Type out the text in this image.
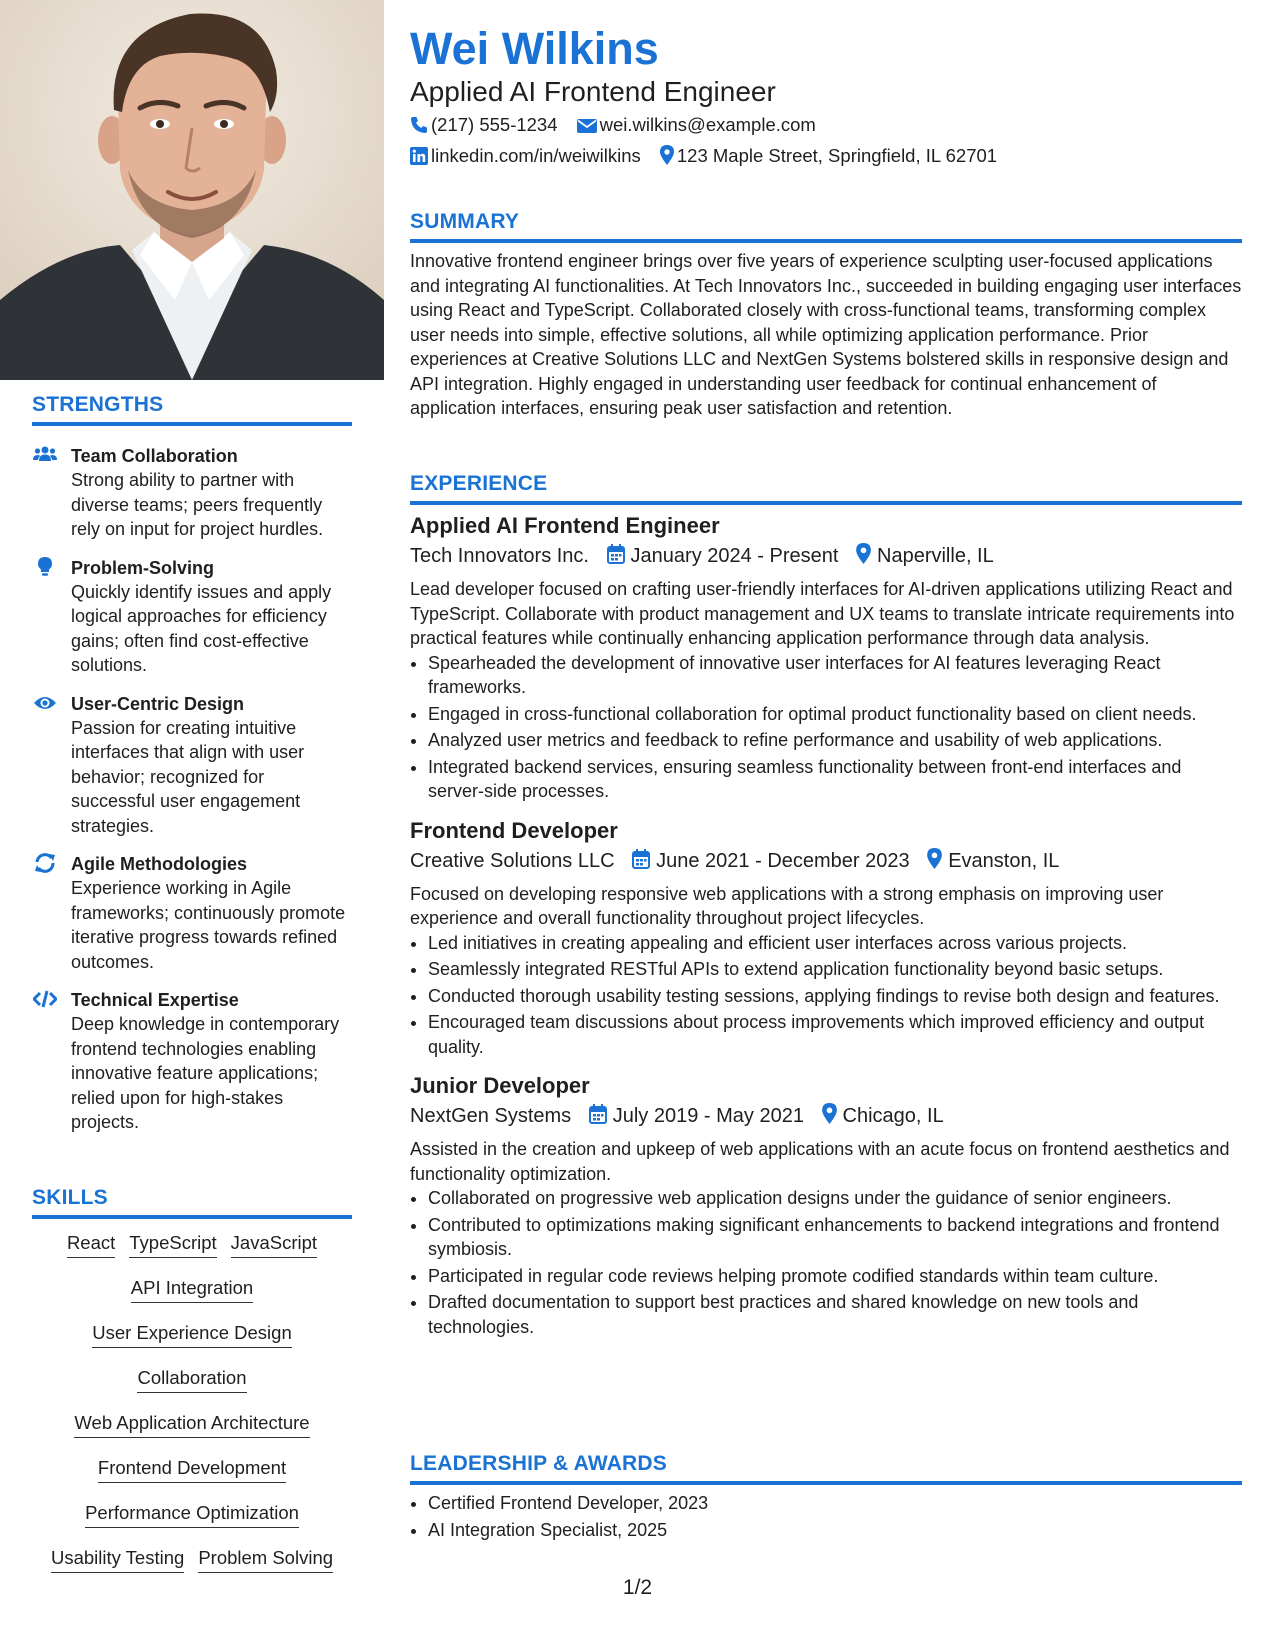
STRENGTHS
Team Collaboration
Strong ability to partner with diverse teams; peers frequently rely on input for project hurdles.
Problem-Solving
Quickly identify issues and apply logical approaches for efficiency gains; often find cost-effective solutions.
User-Centric Design
Passion for creating intuitive interfaces that align with user behavior; recognized for successful user engagement strategies.
Agile Methodologies
Experience working in Agile frameworks; continuously promote iterative progress towards refined outcomes.
Technical Expertise
Deep knowledge in contemporary frontend technologies enabling innovative feature applications; relied upon for high-stakes projects.
SKILLS
React TypeScript JavaScript
API Integration
User Experience Design
Collaboration
Web Application Architecture
Frontend Development
Performance Optimization
Usability Testing Problem Solving
Wei Wilkins
Applied AI Frontend Engineer
(217) 555-1234 wei.wilkins@example.com
linkedin.com/in/weiwilkins 123 Maple Street, Springfield, IL 62701
SUMMARY

Innovative frontend engineer brings over five years of experience sculpting user-focused applications and integrating AI functionalities. At Tech Innovators Inc., succeeded in building engaging user interfaces using React and TypeScript. Collaborated closely with cross-functional teams, transforming complex user needs into simple, effective solutions, all while optimizing application performance. Prior experiences at Creative Solutions LLC and NextGen Systems bolstered skills in responsive design and API integration. Highly engaged in understanding user feedback for continual enhancement of application interfaces, ensuring peak user satisfaction and retention.

EXPERIENCE
Applied AI Frontend Engineer
Tech Innovators Inc. January 2024 - Present Naperville, IL

Lead developer focused on crafting user-friendly interfaces for AI-driven applications utilizing React and TypeScript. Collaborate with product management and UX teams to translate intricate requirements into practical features while continually enhancing application performance through data analysis.

• Spearheaded the development of innovative user interfaces for AI features leveraging React frameworks.
• Engaged in cross-functional collaboration for optimal product functionality based on client needs.
• Analyzed user metrics and feedback to refine performance and usability of web applications.
• Integrated backend services, ensuring seamless functionality between front-end interfaces and server-side processes.
Frontend Developer
Creative Solutions LLC June 2021 - December 2023 Evanston, IL

Focused on developing responsive web applications with a strong emphasis on improving user experience and overall functionality throughout project lifecycles.

• Led initiatives in creating appealing and efficient user interfaces across various projects.
• Seamlessly integrated RESTful APIs to extend application functionality beyond basic setups.
• Conducted thorough usability testing sessions, applying findings to revise both design and features.
• Encouraged team discussions about process improvements which improved efficiency and output quality.
Junior Developer
NextGen Systems July 2019 - May 2021 Chicago, IL

Assisted in the creation and upkeep of web applications with an acute focus on frontend aesthetics and functionality optimization.

• Collaborated on progressive web application designs under the guidance of senior engineers.
• Contributed to optimizations making significant enhancements to backend integrations and frontend symbiosis.
• Participated in regular code reviews helping promote codified standards within team culture.
• Drafted documentation to support best practices and shared knowledge on new tools and technologies.
LEADERSHIP & AWARDS
• Certified Frontend Developer, 2023
• AI Integration Specialist, 2025
1/2
